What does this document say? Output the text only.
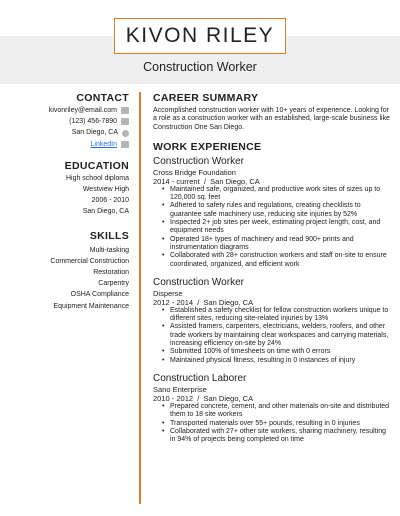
KIVON RILEY
Construction Worker
CONTACT
kivonriley@email.com
(123) 456-7890
San Diego, CA
LinkedIn
EDUCATION
High school diploma
Westview High
2006 - 2010
San Diego, CA
SKILLS
Multi-tasking
Commercial Construction
Restoration
Carpentry
OSHA Compliance
Equipment Maintenance
CAREER SUMMARY
Accomplished construction worker with 10+ years of experience. Looking for a role as a construction worker with an established, large-scale business like Construction One San Diego.
WORK EXPERIENCE
Construction Worker
Cross Bridge Foundation
2014 - current / San Diego, CA
• Maintained safe, organized, and productive work sites of sizes up to 120,000 sq. feet
• Adhered to safety rules and regulations, creating checklists to guarantee safe machinery use, reducing site injuries by 52%
• Inspected 2+ job sites per week, estimating project length, cost, and equipment needs
• Operated 18+ types of machinery and read 900+ prints and instrumentation diagrams
• Collaborated with 28+ construction workers and staff on-site to ensure coordinated, organized, and efficient work
Construction Worker
Disperse
2012 - 2014 / San Diego, CA
• Established a safety checklist for fellow construction workers unique to different sites, reducing site-related injuries by 13%
• Assisted framers, carpenters, electricians, welders, roofers, and other trade workers by maintaining clear workspaces and carrying materials, increasing efficiency on-site by 24%
• Submitted 100% of timesheets on time with 0 errors
• Maintained physical fitness, resulting in 0 instances of injury
Construction Laborer
Sano Enterprise
2010 - 2012 / San Diego, CA
• Prepared concrete, cement, and other materials on-site and distributed them to 18 site workers
• Transported materials over 55+ pounds, resulting in 0 injuries
• Collaborated with 27+ other site workers, sharing machinery, resulting in 94% of projects being completed on time
